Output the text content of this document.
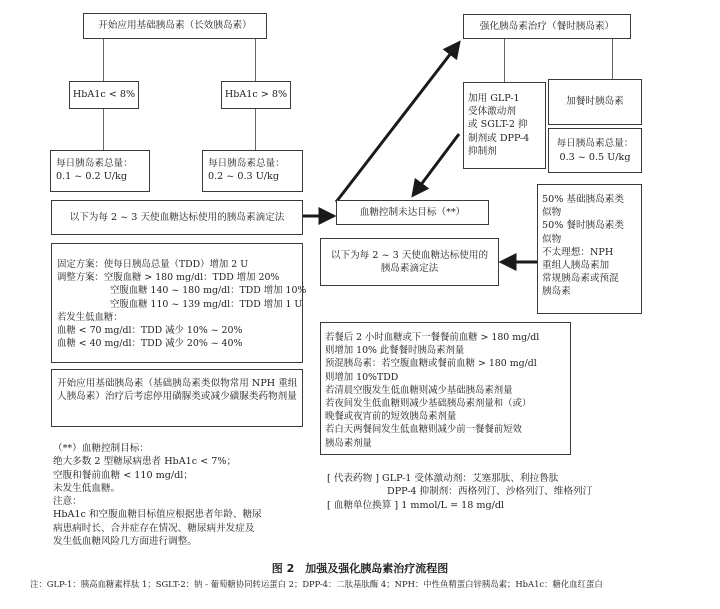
开始应用基础胰岛素（长效胰岛素）
HbA1c < 8%	HbA1c > 8%
每日胰岛素总量：
0.1 ~ 0.2 U/kg
每日胰岛素总量：
0.2 ~ 0.3 U/kg
以下为每 2 ~ 3 天使血糖达标使用的胰岛素滴定法
固定方案：使每日胰岛总量（TDD）增加 2 U
调整方案：空腹血糖 > 180 mg/dl：TDD 增加 20%
空腹血糖 140 ~ 180 mg/dl：TDD 增加 10%
空腹血糖 110 ~ 139 mg/dl：TDD 增加 1 U
若发生低血糖：
血糖 < 70 mg/dl：TDD 减少 10% ~ 20%
血糖 < 40 mg/dl：TDD 减少 20% ~ 40%
开始应用基础胰岛素（基础胰岛素类似物常用 NPH 重组人胰岛素）治疗后考虑停用磺脲类或减少磺脲类药物剂量
（**）血糖控制目标：
绝大多数 2 型糖尿病患者 HbA1c < 7%；
空腹和餐前血糖 < 110 mg/dl；
未发生低血糖。
注意：
HbA1c 和空腹血糖目标值应根据患者年龄、糖尿
病患病时长、合并症存在情况、糖尿病并发症及
发生低血糖风险几方面进行调整。
强化胰岛素治疗（餐时胰岛素）
加用 GLP-1
受体激动剂
或 SGLT-2 抑
制剂或 DPP-4
抑制剂
加餐时胰岛素
每日胰岛素总量：
0.3 ~ 0.5 U/kg
血糖控制未达目标（**）
以下为每 2 ~ 3 天使血糖达标使用的
胰岛素滴定法
50% 基础胰岛素类
似物
50% 餐时胰岛素类
似物
不太理想：NPH
重组人胰岛素加
常规胰岛素或预混
胰岛素
若餐后 2 小时血糖或下一餐餐前血糖 > 180 mg/dl
则增加 10% 此餐餐时胰岛素剂量
预混胰岛素：若空腹血糖或餐前血糖 > 180 mg/dl
则增加 10%TDD
若清晨空腹发生低血糖则减少基础胰岛素剂量
若夜间发生低血糖则减少基础胰岛素剂量和（或）
晚餐或夜宵前的短效胰岛素剂量
若白天两餐间发生低血糖则减少前一餐餐前短效
胰岛素剂量
[ 代表药物 ] GLP-1 受体激动剂：艾塞那肽、利拉鲁肽
DPP-4 抑制剂：西格列汀、沙格列汀、维格列汀
[ 血糖单位换算 ] 1 mmol/L = 18 mg/dl
图 2　加强及强化胰岛素治疗流程图
注：GLP-1：胰高血糖素样肽 1；SGLT-2：钠 - 葡萄糖协同转运蛋白 2；DPP-4：二肽基肽酶 4；NPH：中性鱼精蛋白锌胰岛素；HbA1c：糖化血红蛋白
